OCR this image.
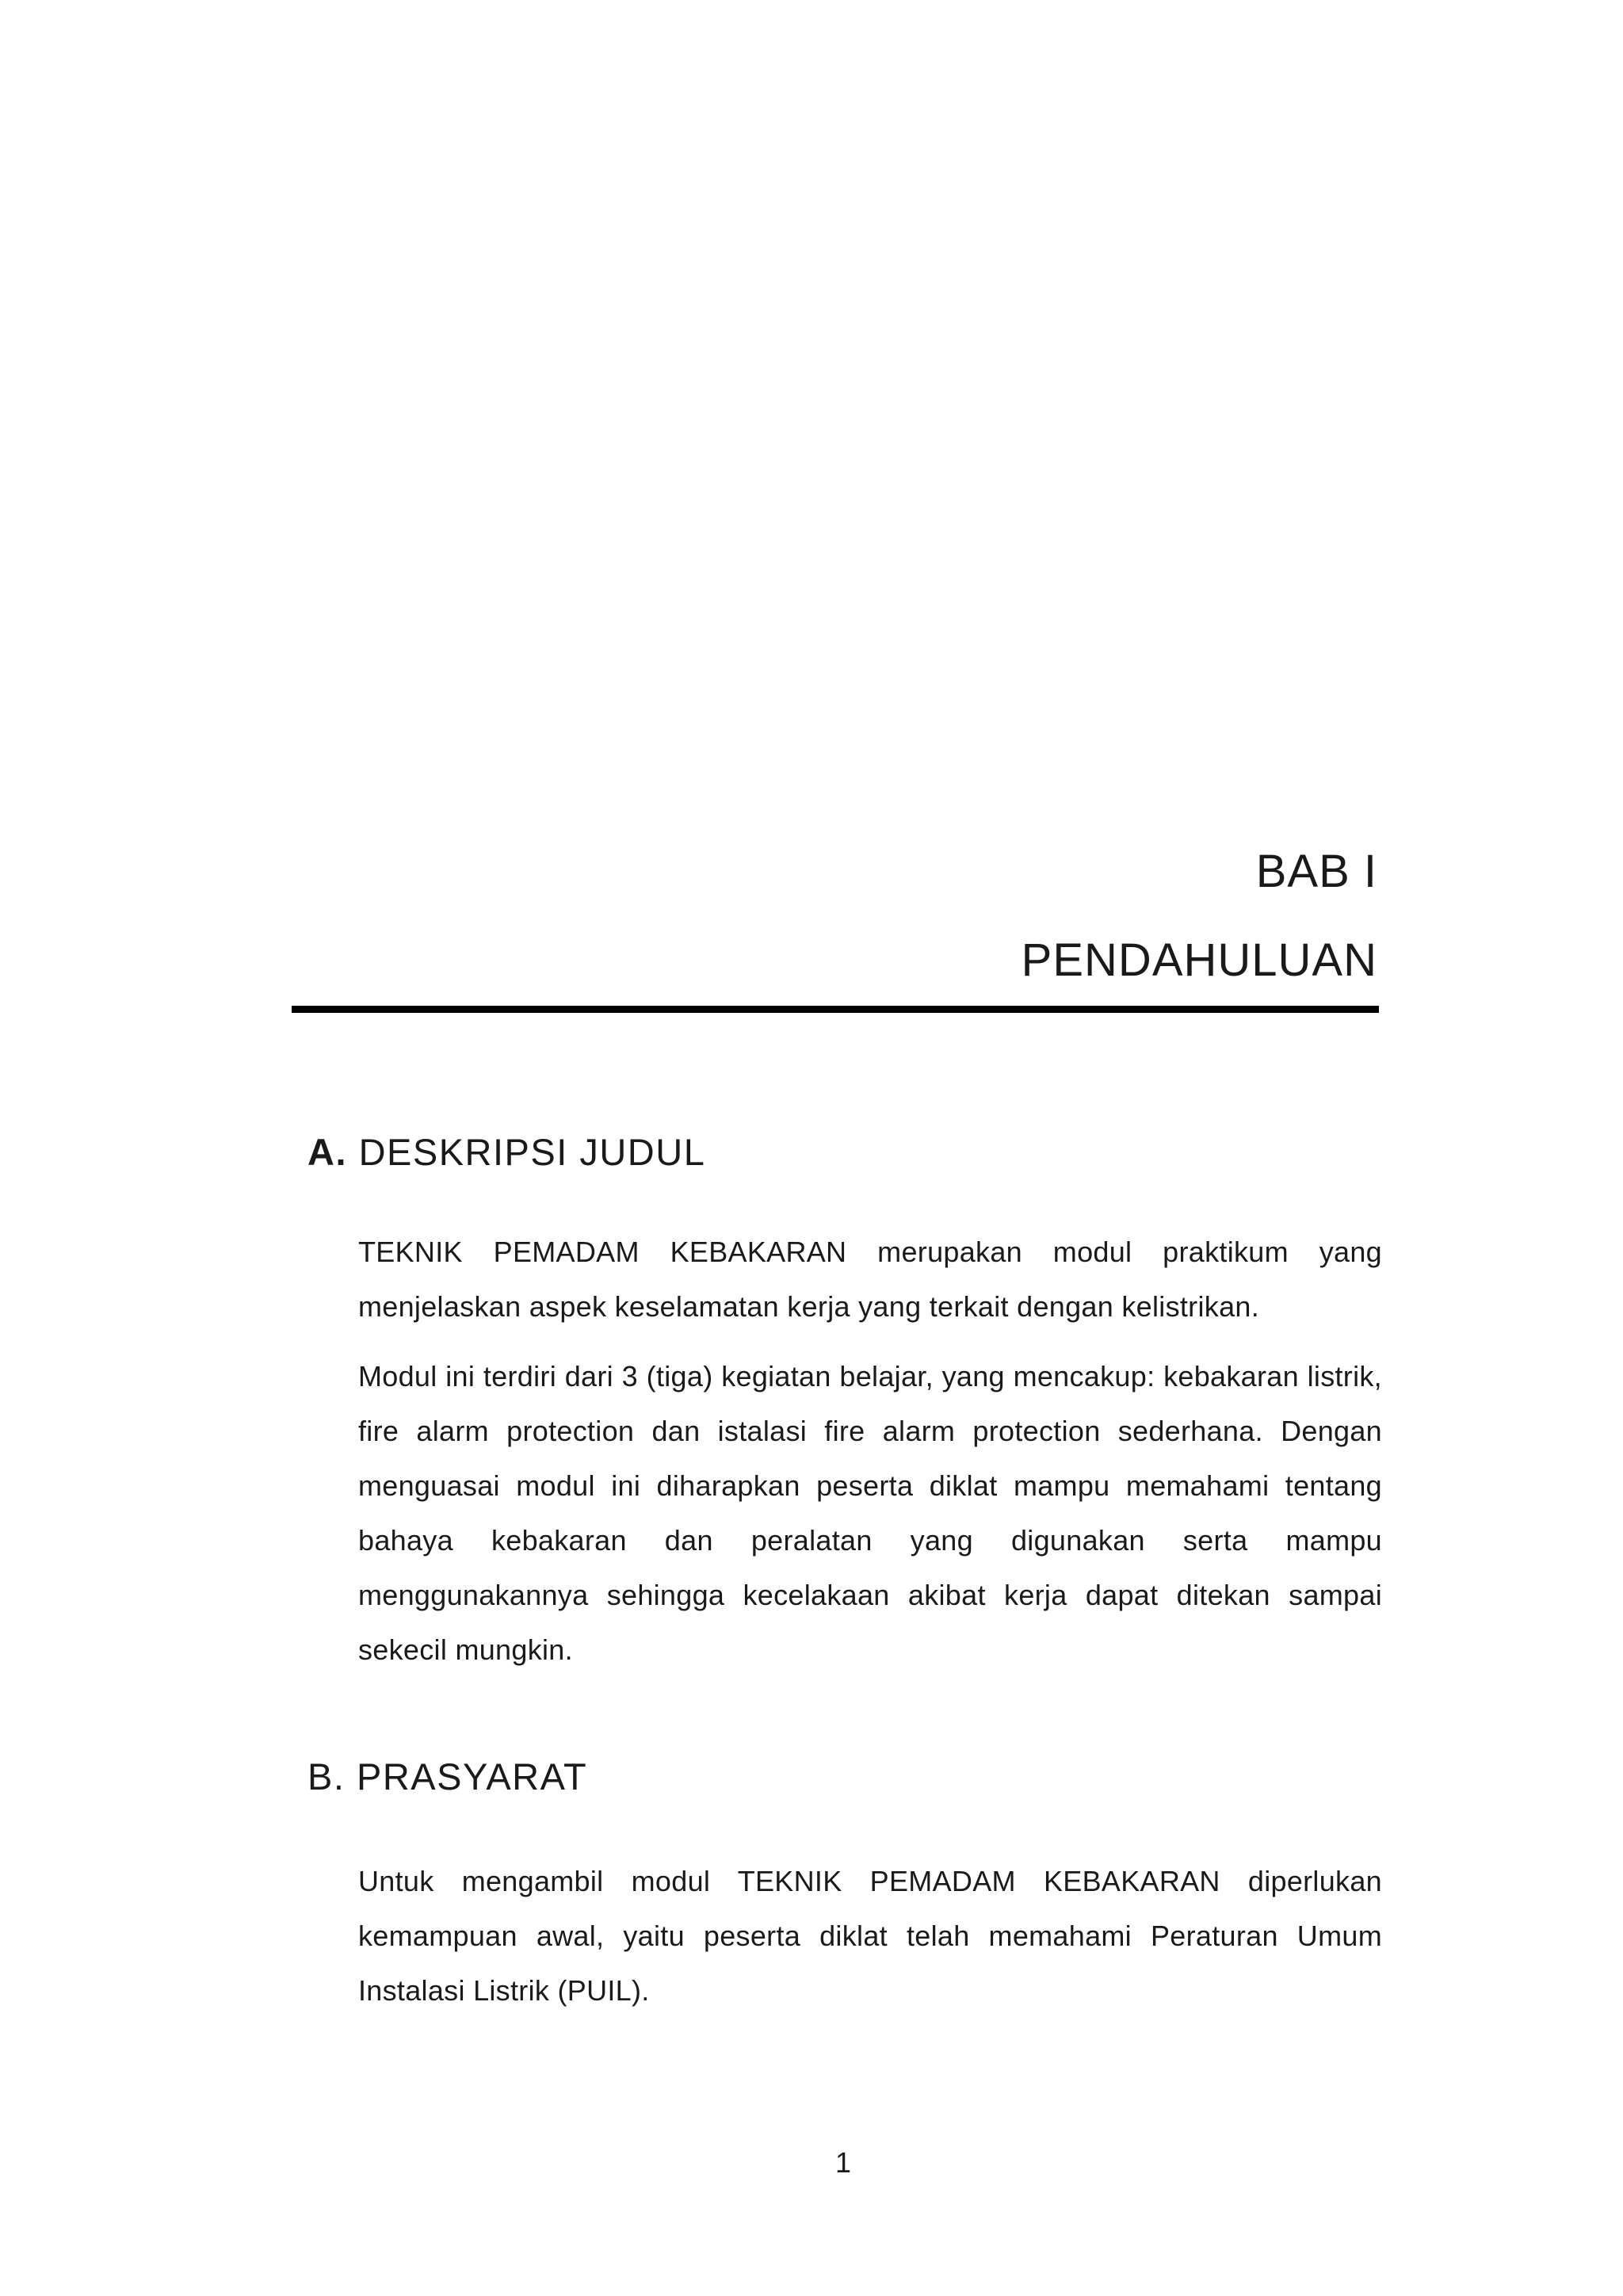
BAB I
PENDAHULUAN
A. DESKRIPSI JUDUL

TEKNIK PEMADAM KEBAKARAN merupakan modul praktikum yang menjelaskan aspek keselamatan kerja yang terkait dengan kelistrikan.

Modul ini terdiri dari 3 (tiga) kegiatan belajar, yang mencakup: kebakaran listrik, fire alarm protection dan istalasi fire alarm protection sederhana. Dengan menguasai modul ini diharapkan peserta diklat mampu memahami tentang bahaya kebakaran dan peralatan yang digunakan serta mampu menggunakannya sehingga kecelakaan akibat kerja dapat ditekan sampai sekecil mungkin.

B. PRASYARAT

Untuk mengambil modul TEKNIK PEMADAM KEBAKARAN diperlukan kemampuan awal, yaitu peserta diklat telah memahami Peraturan Umum Instalasi Listrik (PUIL).

1
